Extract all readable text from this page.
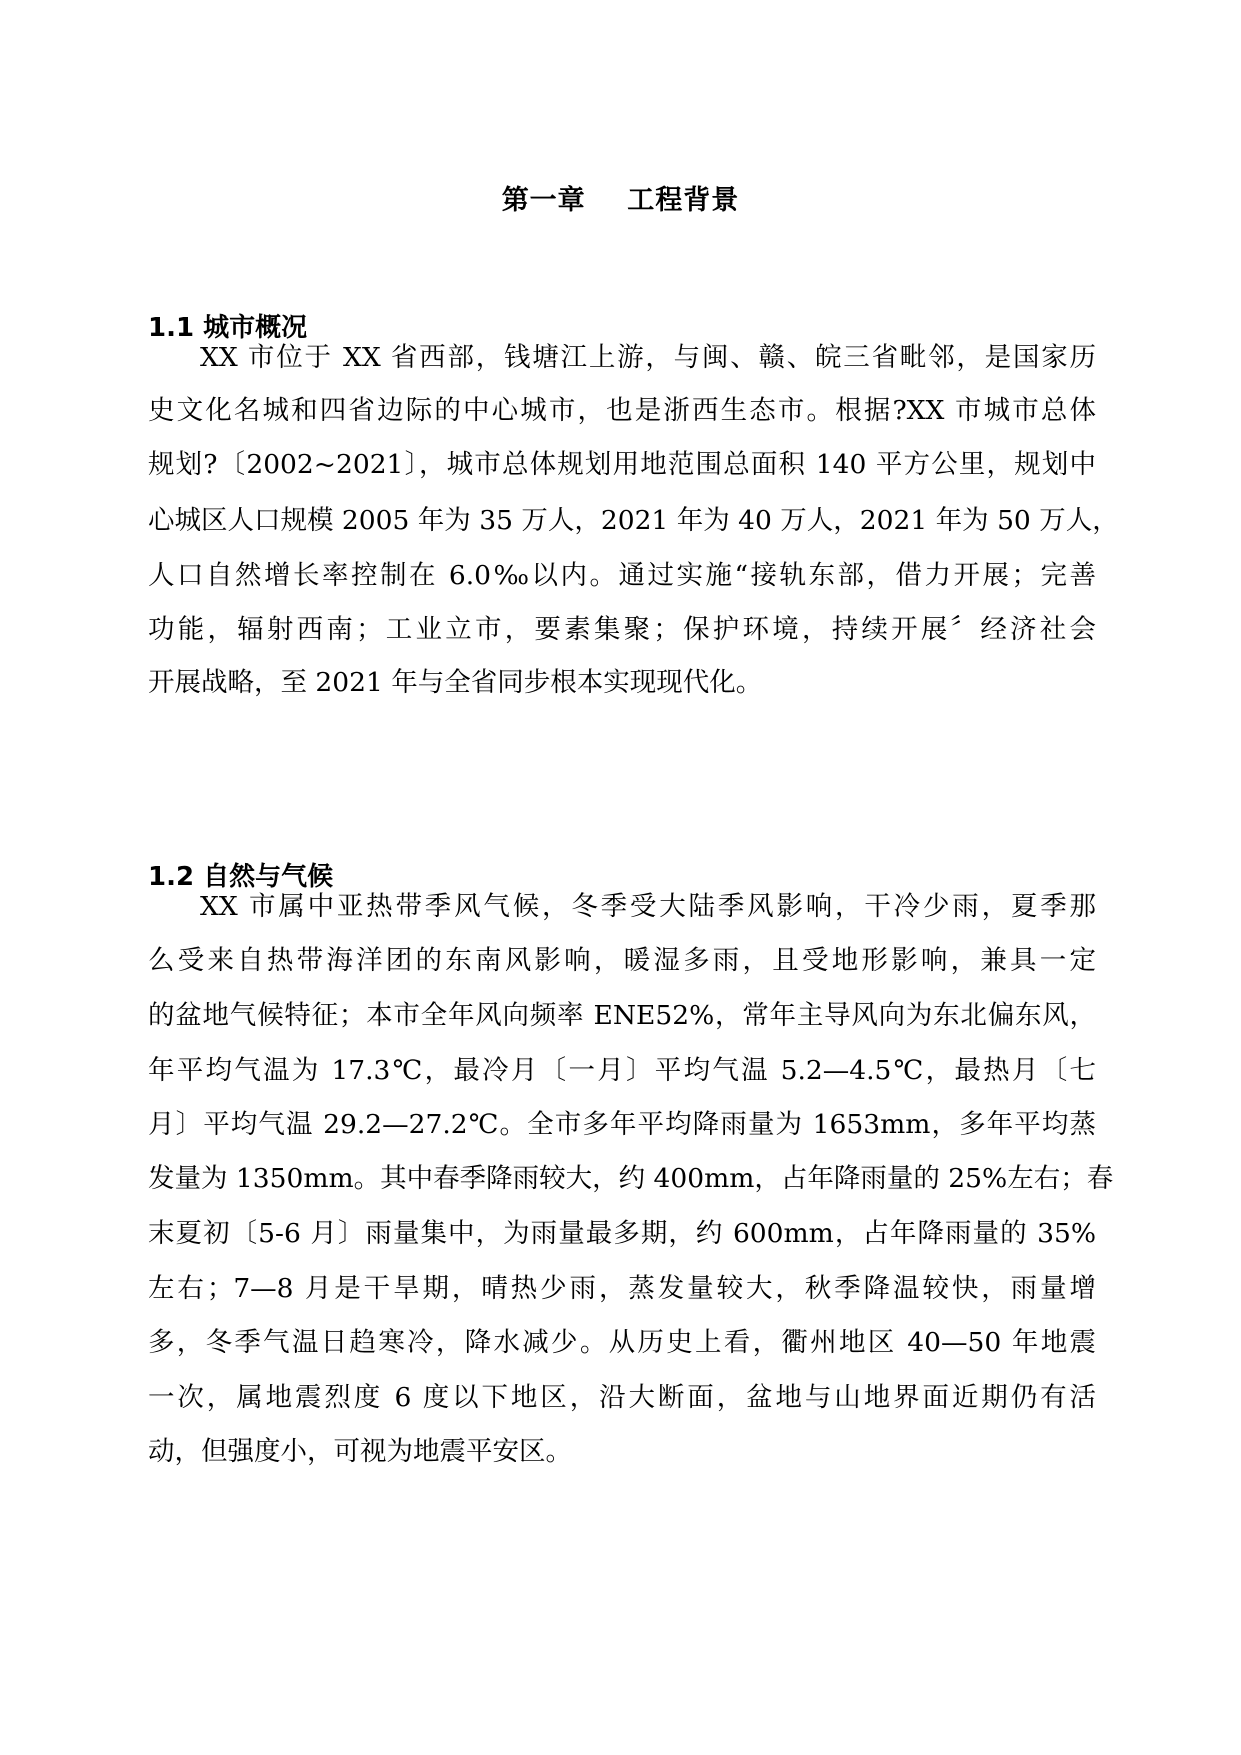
第一章    工程背景
1.1 城市概况

XX 市位于 XX 省西部，钱塘江上游，与闽、赣、皖三省毗邻，是国家历

史文化名城和四省边际的中心城市，也是浙西生态市。根据?XX 市城市总体

规划?〔2002~2021〕，城市总体规划用地范围总面积 140 平方公里，规划中

心城区人口规模 2005 年为 35 万人，2021 年为 40 万人，2021 年为 50 万人，

人口自然增长率控制在 6.0‰以内。通过实施“接轨东部，借力开展；完善

功能，辐射西南；工业立市，要素集聚；保护环境，持续开展〞经济社会

开展战略，至 2021 年与全省同步根本实现现代化。

1.2 自然与气候

XX 市属中亚热带季风气候，冬季受大陆季风影响，干冷少雨，夏季那

么受来自热带海洋团的东南风影响，暖湿多雨，且受地形影响，兼具一定

的盆地气候特征；本市全年风向频率 ENE52%，常年主导风向为东北偏东风，

年平均气温为 17.3℃，最冷月〔一月〕平均气温 5.2—4.5℃，最热月〔七

月〕平均气温 29.2—27.2℃。全市多年平均降雨量为 1653mm，多年平均蒸

发量为 1350mm。其中春季降雨较大，约 400mm，占年降雨量的 25%左右；春

末夏初〔5-6 月〕雨量集中，为雨量最多期，约 600mm，占年降雨量的 35%

左右；7—8 月是干旱期，晴热少雨，蒸发量较大，秋季降温较快，雨量增

多，冬季气温日趋寒冷，降水减少。从历史上看，衢州地区 40—50 年地震

一次，属地震烈度 6 度以下地区，沿大断面，盆地与山地界面近期仍有活

动，但强度小，可视为地震平安区。
